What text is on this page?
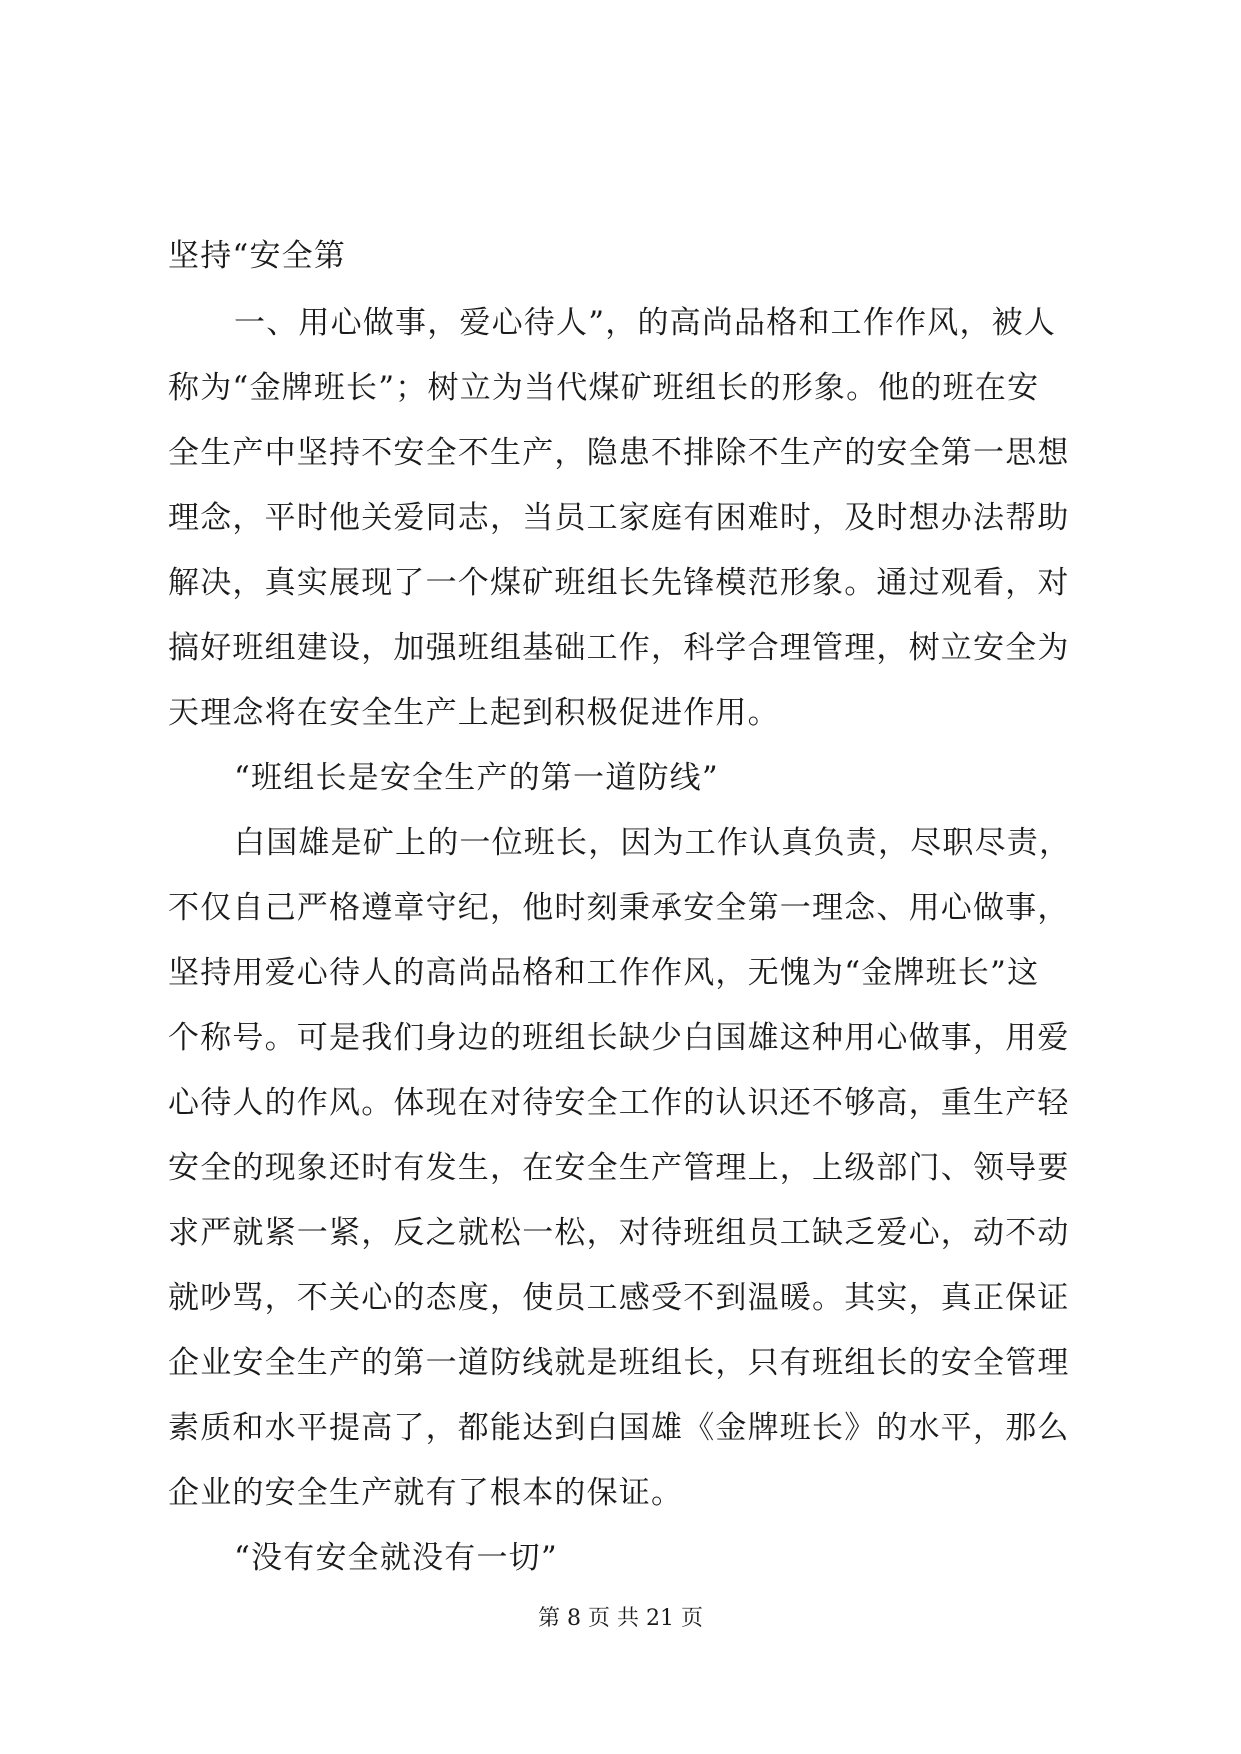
坚持“安全第
一、用心做事，爱心待人”，的高尚品格和工作作风，被人
称为“金牌班长”；树立为当代煤矿班组长的形象。他的班在安
全生产中坚持不安全不生产，隐患不排除不生产的安全第一思想
理念，平时他关爱同志，当员工家庭有困难时，及时想办法帮助
解决，真实展现了一个煤矿班组长先锋模范形象。通过观看，对
搞好班组建设，加强班组基础工作，科学合理管理，树立安全为
天理念将在安全生产上起到积极促进作用。
“班组长是安全生产的第一道防线”
白国雄是矿上的一位班长，因为工作认真负责，尽职尽责，
不仅自己严格遵章守纪，他时刻秉承安全第一理念、用心做事，
坚持用爱心待人的高尚品格和工作作风，无愧为“金牌班长”这
个称号。可是我们身边的班组长缺少白国雄这种用心做事，用爱
心待人的作风。体现在对待安全工作的认识还不够高，重生产轻
安全的现象还时有发生，在安全生产管理上，上级部门、领导要
求严就紧一紧，反之就松一松，对待班组员工缺乏爱心，动不动
就吵骂，不关心的态度，使员工感受不到温暖。其实，真正保证
企业安全生产的第一道防线就是班组长，只有班组长的安全管理
素质和水平提高了，都能达到白国雄《金牌班长》的水平，那么
企业的安全生产就有了根本的保证。
“没有安全就没有一切”
第 8 页 共 21 页
